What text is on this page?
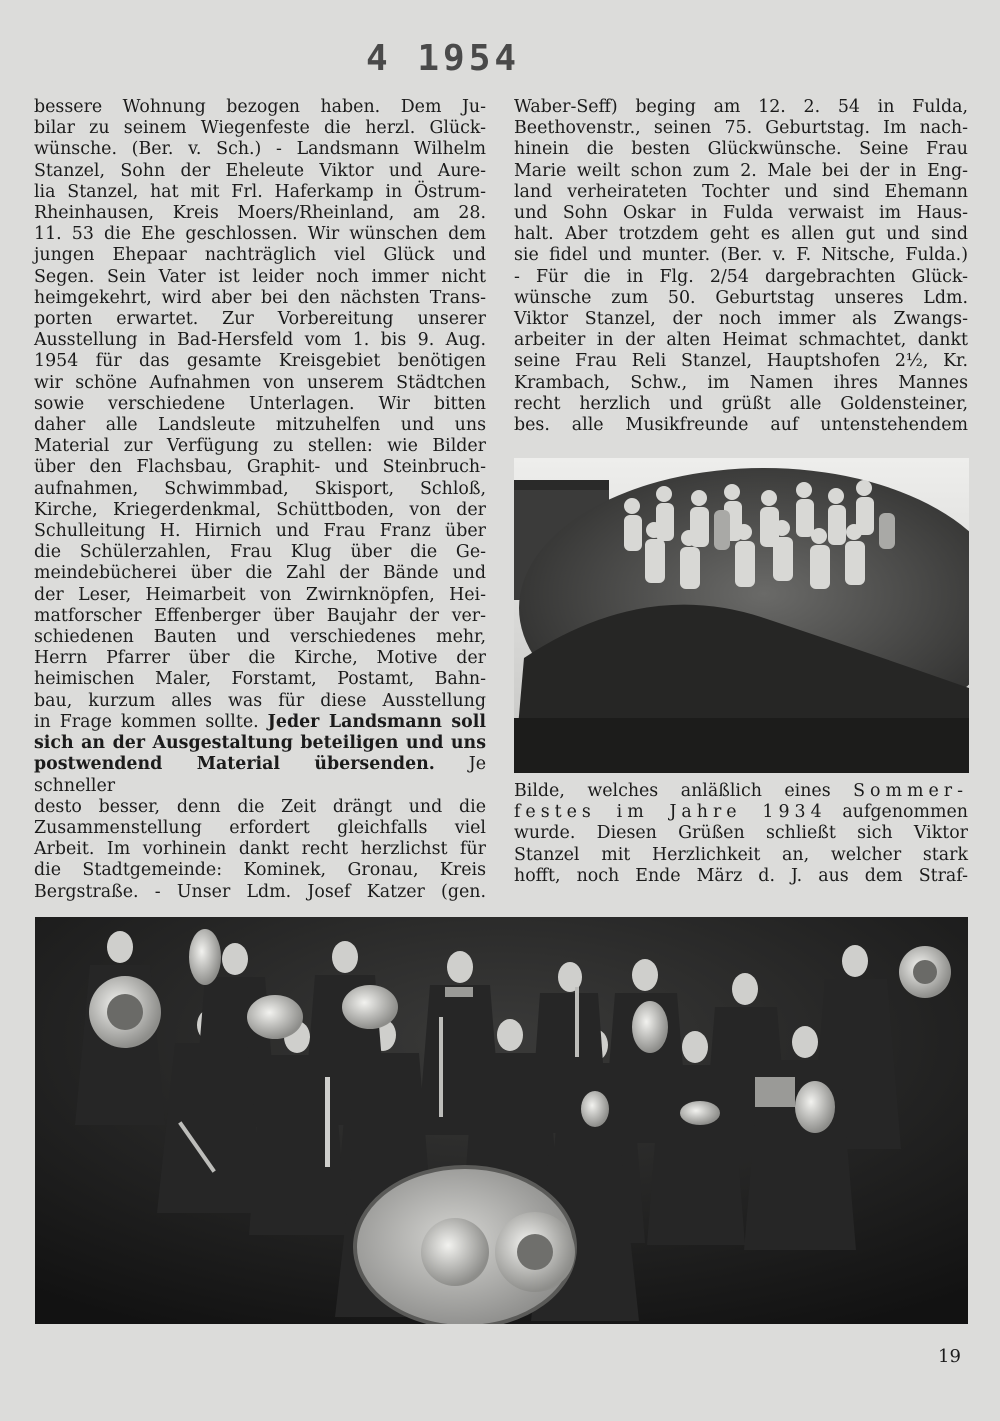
4 1954

bessere Wohnung bezogen haben. Dem Ju-

bilar zu seinem Wiegenfeste die herzl. Glück-

wünsche. (Ber. v. Sch.) - Landsmann Wilhelm

Stanzel, Sohn der Eheleute Viktor und Aure-

lia Stanzel, hat mit Frl. Haferkamp in Östrum-

Rheinhausen, Kreis Moers/Rheinland, am 28.

11. 53 die Ehe geschlossen. Wir wünschen dem

jungen Ehepaar nachträglich viel Glück und

Segen. Sein Vater ist leider noch immer nicht

heimgekehrt, wird aber bei den nächsten Trans-

porten erwartet. Zur Vorbereitung unserer

Ausstellung in Bad-Hersfeld vom 1. bis 9. Aug.

1954 für das gesamte Kreisgebiet benötigen

wir schöne Aufnahmen von unserem Städtchen

sowie verschiedene Unterlagen. Wir bitten

daher alle Landsleute mitzuhelfen und uns

Material zur Verfügung zu stellen: wie Bilder

über den Flachsbau, Graphit- und Steinbruch-

aufnahmen, Schwimmbad, Skisport, Schloß,

Kirche, Kriegerdenkmal, Schüttboden, von der

Schulleitung H. Hirnich und Frau Franz über

die Schülerzahlen, Frau Klug über die Ge-

meindebücherei über die Zahl der Bände und

der Leser, Heimarbeit von Zwirnknöpfen, Hei-

matforscher Effenberger über Baujahr der ver-

schiedenen Bauten und verschiedenes mehr,

Herrn Pfarrer über die Kirche, Motive der

heimischen Maler, Forstamt, Postamt, Bahn-

bau, kurzum alles was für diese Ausstellung

in Frage kommen sollte. Jeder Landsmann soll

sich an der Ausgestaltung beteiligen und uns

postwendend Material übersenden. Je schneller

desto besser, denn die Zeit drängt und die

Zusammenstellung erfordert gleichfalls viel

Arbeit. Im vorhinein dankt recht herzlichst für

die Stadtgemeinde: Kominek, Gronau, Kreis

Bergstraße. - Unser Ldm. Josef Katzer (gen.

Waber-Seff) beging am 12. 2. 54 in Fulda,

Beethovenstr., seinen 75. Geburtstag. Im nach-

hinein die besten Glückwünsche. Seine Frau

Marie weilt schon zum 2. Male bei der in Eng-

land verheirateten Tochter und sind Ehemann

und Sohn Oskar in Fulda verwaist im Haus-

halt. Aber trotzdem geht es allen gut und sind

sie fidel und munter. (Ber. v. F. Nitsche, Fulda.)

- Für die in Flg. 2/54 dargebrachten Glück-

wünsche zum 50. Geburtstag unseres Ldm.

Viktor Stanzel, der noch immer als Zwangs-

arbeiter in der alten Heimat schmachtet, dankt

seine Frau Reli Stanzel, Hauptshofen 2½, Kr.

Krambach, Schw., im Namen ihres Mannes

recht herzlich und grüßt alle Goldensteiner,

bes. alle Musikfreunde auf untenstehendem

Bilde, welches anläßlich eines Sommer-

festes im Jahre 1934 aufgenommen

wurde. Diesen Grüßen schließt sich Viktor

Stanzel mit Herzlichkeit an, welcher stark

hofft, noch Ende März d. J. aus dem Straf-

19
